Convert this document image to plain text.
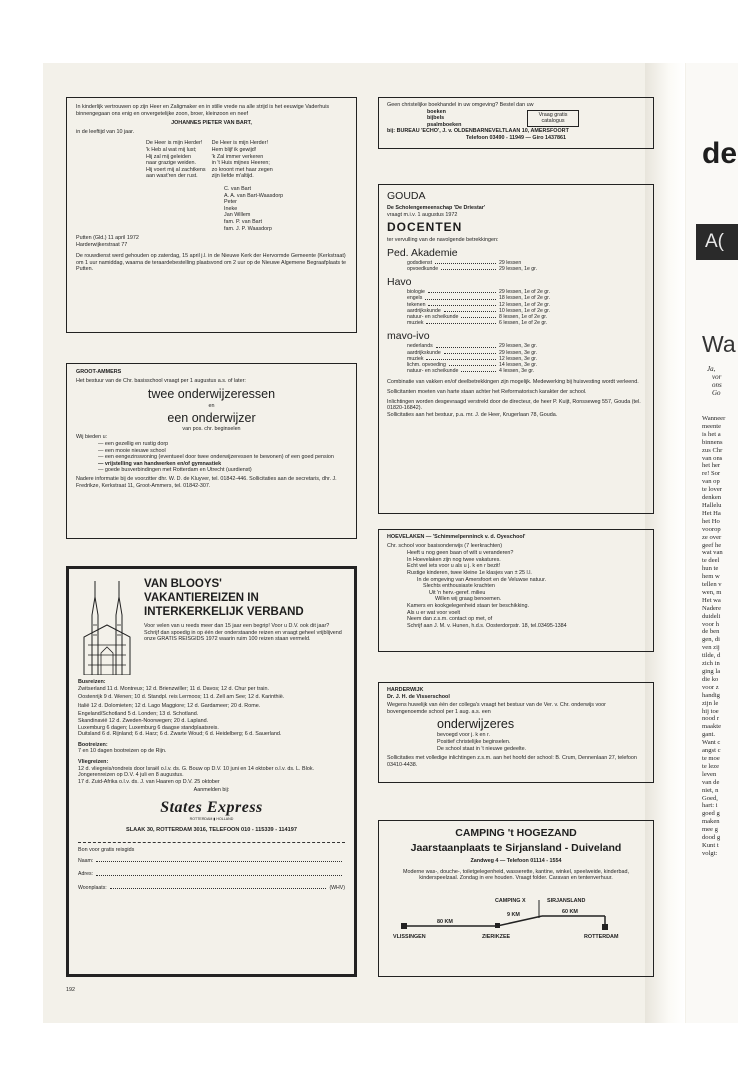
In kinderlijk vertrouwen op zijn Heer en Zaligmaker en in stille vrede na alle strijd is het eeuwige Vaderhuis binnengegaan ons enig en onvergetelijke zoon, broer, kleinzoon en neef

JOHANNES PIETER VAN BART,

in de leeftijd van 10 jaar.

De Heer is mijn Herder!

'k Heb al wat mij lust;

Hij zal mij geleiden

naar grazige weiden.

Hij voert mij al zachtkens

aan wast'ren der rust.

De Heer is mijn Herder!

Hem blijf ik gewijd!

'k Zal immer verkeren

in 't Huis mijnes Heeren;

zo kroont met haar zegen

zijn liefde m'altijd.

C. van Bart

A. A. van Bart-Waasdorp

Peter

Ineke

Jan Willem

fam. P. van Bart

fam. J. P. Waasdorp

Putten (Gld.) 11 april 1972

Harderwijkerstraat 77

De rouwdienst werd gehouden op zaterdag, 15 april j.l. in de Nieuwe Kerk der Hervormde Gemeente (Kerkstraat) om 1 uur namiddag, waarna de teraardebestelling plaatsvond om 2 uur op de Nieuwe Algemene Begraafplaats te Putten.

GROOT-AMMERS

Het bestuur van de Chr. basisschool vraagt per 1 augustus a.s. of later:

twee onderwijzeressen

en

een onderwijzer

van pos. chr. beginselen

Wij bieden u:

— een gezellig en rustig dorp

— een mooie nieuwe school

— een eengezinswoning (eventueel door twee onderwijzeressen te bewonen) of een goed pension

— vrijstelling van handwerken en/of gymnastiek

— goede busverbindingen met Rotterdam en Utrecht (uurdienst)

Nadere informatie bij de voorzitter dhr. W. D. de Kluyver, tel. 01842-446. Sollicitaties aan de secretaris, dhr. J. Fredrikze, Kerkstraat 11, Groot-Ammers, tel. 01842-307.

VAN BLOOYS'

VAKANTIEREIZEN IN

INTERKERKELIJK VERBAND

Voor velen van u reeds meer dan 15 jaar een begrip! Voor u D.V. ook dit jaar? Schrijf dan spoedig in op één der onderstaande reizen en vraagt geheel vrijblijvend onze GRATIS REISGIDS 1972 waarin ruim 100 reizen staan vermeld.

Busreizen:

Zwitserland 11 d. Montreux; 12 d. Brienzwiller; 11 d. Davos; 12 d. Chur per train.

Oostenrijk 9 d. Wenen; 10 d. Standpl. reis Lermoos; 11 d. Zell am See; 12 d. Karinthië.

Italië 12 d. Dolomieten; 12 d. Lago Maggiore; 12 d. Gardameer; 20 d. Rome.

Engeland/Schotland 5 d. Londen; 13 d. Schotland.

Skandinavië 12 d. Zweden-Noorwegen; 20 d. Lapland.

Luxemburg 6 dagen; Luxemburg 6 daagse standplaatsreis.

Duitsland 6 d. Rijnland; 6 d. Harz; 6 d. Zwarte Woud; 6 d. Heidelberg; 6 d. Sauerland.

Bootreizen:

7 en 10 dagen bootreizen op de Rijn.

Vliegreizen:

12 d. vliegreis/rondreis door Israël o.l.v. ds. G. Bouw op D.V. 10 juni en 14 oktober o.l.v. ds. L. Blok.

Jongerenreizen op D.V. 4 juli en 8 augustus.

17 d. Zuid-Afrika o.l.v. ds. J. van Haaren op D.V. 25 oktober

Aanmelden bij:

States Express

ROTTERDAM ▮ HOLLAND

SLAAK 30, ROTTERDAM 3016, TELEFOON 010 - 115339 - 114197

Bon voor gratis reisgids

Naam:
Adres:
Woonplaats:	(WHV)

192

Geen christelijke boekhandel in uw omgeving? Bestel dan uw

boeken

bijbels

psalmboeken

Vraag gratis catalogus

bij: BUREAU 'ECHO', J. v. OLDENBARNEVELTLAAN 10, AMERSFOORT

Telefoon 03490 - 11949 — Giro 1437861

GOUDA

De Scholengemeenschap 'De Driestar'

vraagt m.i.v. 1 augustus 1972

DOCENTEN

ter vervulling van de navolgende betrekkingen:

Ped. Akademie

godsdienst	29 lessen
opvoedkunde	29 lessen, 1e gr.

Havo

biologie	29 lessen, 1e of 2e gr.
engels	18 lessen, 1e of 2e gr.
tekenen	12 lessen, 1e of 2e gr.
aardrijkskunde	10 lessen, 1e of 2e gr.
natuur- en scheikunde	8 lessen, 1e of 2e gr.
muziek	6 lessen, 1e of 2e gr.

mavo-ivo

nederlands	29 lessen, 3e gr.
aardrijkskunde	29 lessen, 3e gr.
muziek	12 lessen, 3e gr.
lichm. opvoeding	14 lessen, 3e gr.
natuur- en scheikunde	4 lessen, 3e gr.

Combinatie van vakken en/of deelbetrekkingen zijn mogelijk. Medewerking bij huisvesting wordt verleend.

Sollicitanten moeten van harte staan achter het Reformatorisch karakter der school.

Inlichtingen worden desgevraagd verstrekt door de directeur, de heer P. Kuijt, Ronsseweg 557, Gouda (tel. 01820-16842).

Sollicitaties aan het bestuur, p.a. mr. J. de Heer, Krugerlaan 78, Gouda.

HOEVELAKEN — 'Schimmelpenninck v. d. Oyeschool'

Chr. school voor basisonderwijs (7 leerkrachten)

Heeft u nog geen baan of wilt u veranderen?

In Hoevelaken zijn nog twee vakatures.

Echt wel iets voor u als u j. k en r bezit!

Rustige kinderen, twee kleine 1e klasjes van ± 25 l.l.

In de omgeving van Amersfoort en de Veluwse natuur.

Slechts enthousiaste krachten

Uit 'n herv.-geref. milieu

Willen wij graag benoemen.

Kamers en kookgelegenheid staan ter beschikking.

Als u er wat voor voelt

Neem dan z.s.m. contact op met, of

Schrijf aan J. M. v. Hunen, h.d.s. Oosterdorpstr. 18, tel.03495-1384

HARDERWIJK

Dr. J. H. de Visserschool

Wegens huwelijk van één der collega's vraagt het bestuur van de Ver. v. Chr. onderwijs voor bovengenoemde school per 1 aug. a.s. een

onderwijzeres

bevoegd voor j. k en r.

Positief christelijke beginselen.

De school staat in 't nieuwe gedeelte.

Sollicitaties met volledige inlichtingen z.s.m. aan het hoofd der school: B. Crum, Dennenlaan 27, telefoon 03410-4438.

CAMPING 't HOGEZAND

Jaarstaanplaats te Sirjansland - Duiveland

Zandweg 4 — Telefoon 01114 - 1554

Moderne was-, douche-, toiletgelegenheid, wasserette, kantine, winkel, speelweide, kinderbad, kinderspeelzaal. Zondag in ere houden. Vraagt folder. Caravan en tentenverhuur.

CAMPING X	SIRJANSLAND
80 KM
9 KM	60 KM
VLISSINGEN	ZIERIKZEE	ROTTERDAM

de

A(

Wa

Ja,
vor
ons
Go
Wanneer
meente
is het a
binnens
zus Chr
van ons
het her
re! Sor
van op
te lover
denken
Hallelu
Het Ha
het Ho
voorop
ze over
geef he
wat van
te deel
hun te
hem w
tellen v
wen, m
Het wa
Nadere
duideli
voor h
de ben
gen, di
ven zij
tilde, d
zich in
ging la
die ko
voor z
handig
zijn le
hij toe
nood r
maakte
gant.
Want c
angst c
te moe
te leze
leven
van de
niet, n
Goed,
hart: i
goed g
maken
mee g
dood g
Kunt t
volgt:
